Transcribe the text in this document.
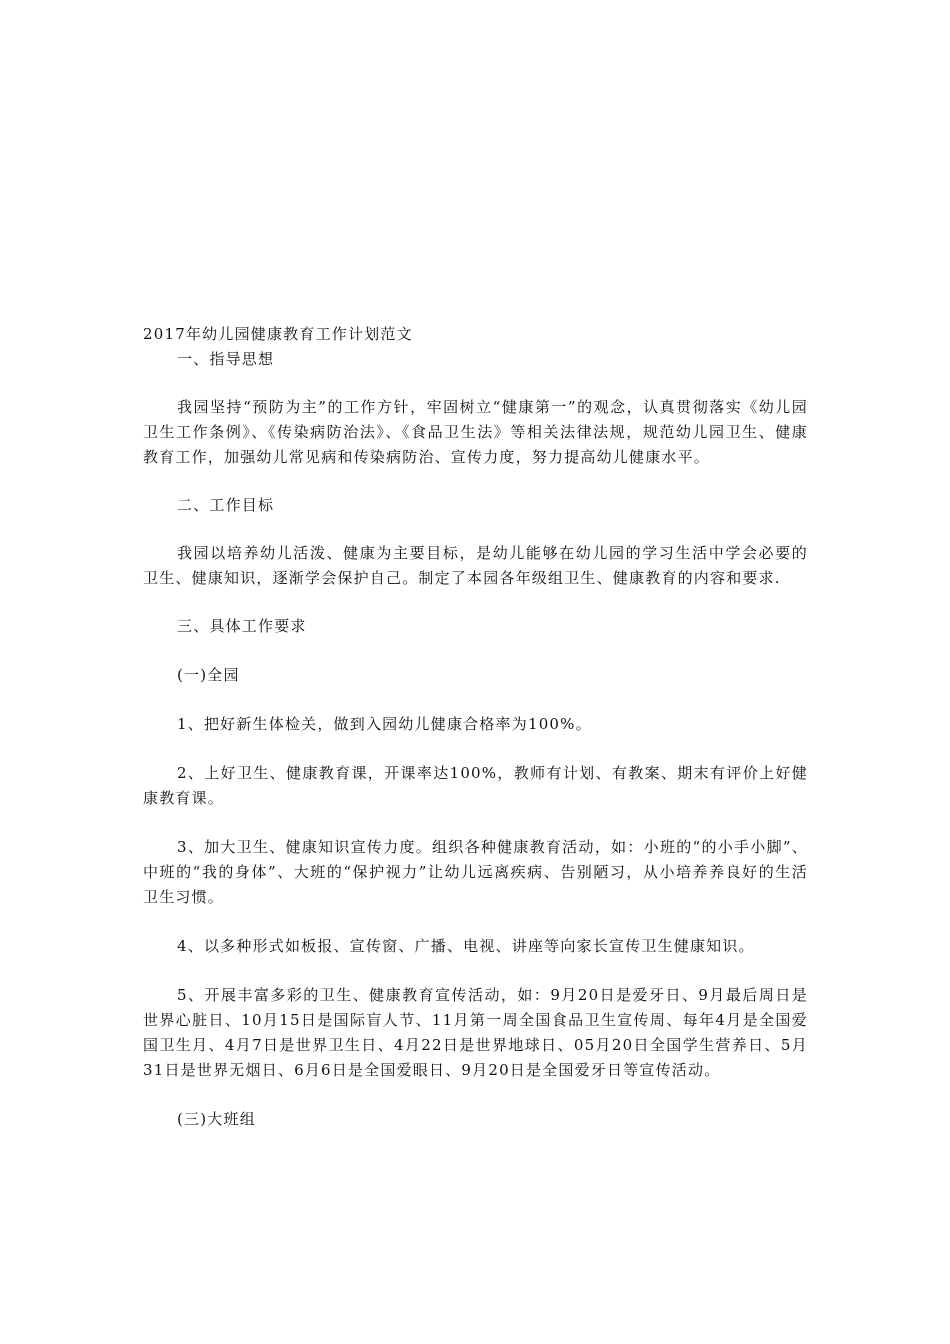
2017年幼儿园健康教育工作计划范文

一、指导思想

我园坚持“预防为主”的工作方针，牢固树立“健康第一”的观念，认真贯彻落实《幼儿园卫生工作条例》、《传染病防治法》、《食品卫生法》等相关法律法规，规范幼儿园卫生、健康教育工作，加强幼儿常见病和传染病防治、宣传力度，努力提高幼儿健康水平。

二、工作目标

我园以培养幼儿活泼、健康为主要目标，是幼儿能够在幼儿园的学习生活中学会必要的卫生、健康知识，逐渐学会保护自己。制定了本园各年级组卫生、健康教育的内容和要求.

三、具体工作要求

(一)全园

1、把好新生体检关，做到入园幼儿健康合格率为100%。

2、上好卫生、健康教育课，开课率达100%，教师有计划、有教案、期末有评价上好健康教育课。

3、加大卫生、健康知识宣传力度。组织各种健康教育活动，如：小班的“的小手小脚”、中班的“我的身体”、大班的“保护视力”让幼儿远离疾病、告别陋习，从小培养养良好的生活卫生习惯。

4、以多种形式如板报、宣传窗、广播、电视、讲座等向家长宣传卫生健康知识。

5、开展丰富多彩的卫生、健康教育宣传活动，如：9月20日是爱牙日、9月最后周日是世界心脏日、10月15日是国际盲人节、11月第一周全国食品卫生宣传周、每年4月是全国爱国卫生月、4月7日是世界卫生日、4月22日是世界地球日、05月20日全国学生营养日、5月31日是世界无烟日、6月6日是全国爱眼日、9月20日是全国爱牙日等宣传活动。

(三)大班组
